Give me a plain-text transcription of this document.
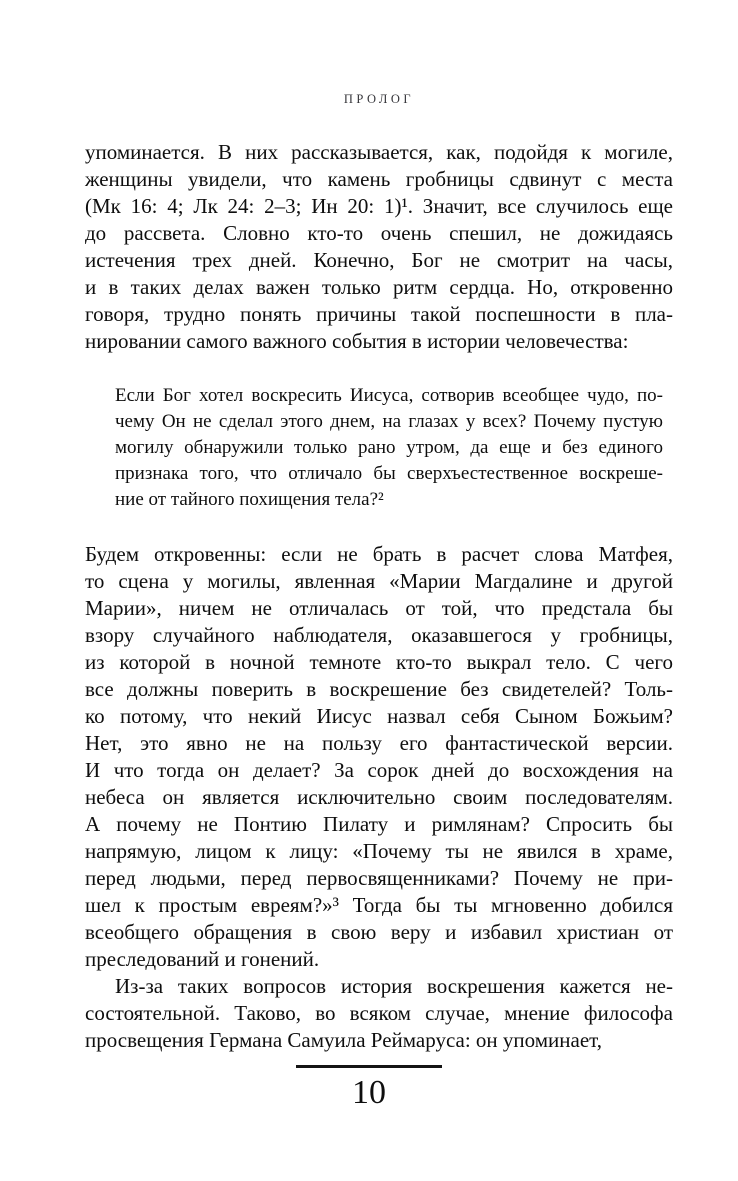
ПРОЛОГ
упоминается. В них рассказывается, как, подойдя к могиле,
женщины увидели, что камень гробницы сдвинут с места
(Мк 16: 4; Лк 24: 2–3; Ин 20: 1)¹. Значит, все случилось еще
до рассвета. Словно кто-то очень спешил, не дожидаясь
истечения трех дней. Конечно, Бог не смотрит на часы,
и в таких делах важен только ритм сердца. Но, откровенно
говоря, трудно понять причины такой поспешности в пла-
нировании самого важного события в истории человечества:
Если Бог хотел воскресить Иисуса, сотворив всеобщее чудо, по-
чему Он не сделал этого днем, на глазах у всех? Почему пустую
могилу обнаружили только рано утром, да еще и без единого
признака того, что отличало бы сверхъестественное воскреше-
ние от тайного похищения тела?²
Будем откровенны: если не брать в расчет слова Матфея,
то сцена у могилы, явленная «Марии Магдалине и другой
Марии», ничем не отличалась от той, что предстала бы
взору случайного наблюдателя, оказавшегося у гробницы,
из которой в ночной темноте кто-то выкрал тело. С чего
все должны поверить в воскрешение без свидетелей? Толь-
ко потому, что некий Иисус назвал себя Сыном Божьим?
Нет, это явно не на пользу его фантастической версии.
И что тогда он делает? За сорок дней до восхождения на
небеса он является исключительно своим последователям.
А почему не Понтию Пилату и римлянам? Спросить бы
напрямую, лицом к лицу: «Почему ты не явился в храме,
перед людьми, перед первосвященниками? Почему не при-
шел к простым евреям?»³ Тогда бы ты мгновенно добился
всеобщего обращения в свою веру и избавил христиан от
преследований и гонений.
Из-за таких вопросов история воскрешения кажется не-
состоятельной. Таково, во всяком случае, мнение философа
просвещения Германа Самуила Реймаруса: он упоминает,
10
